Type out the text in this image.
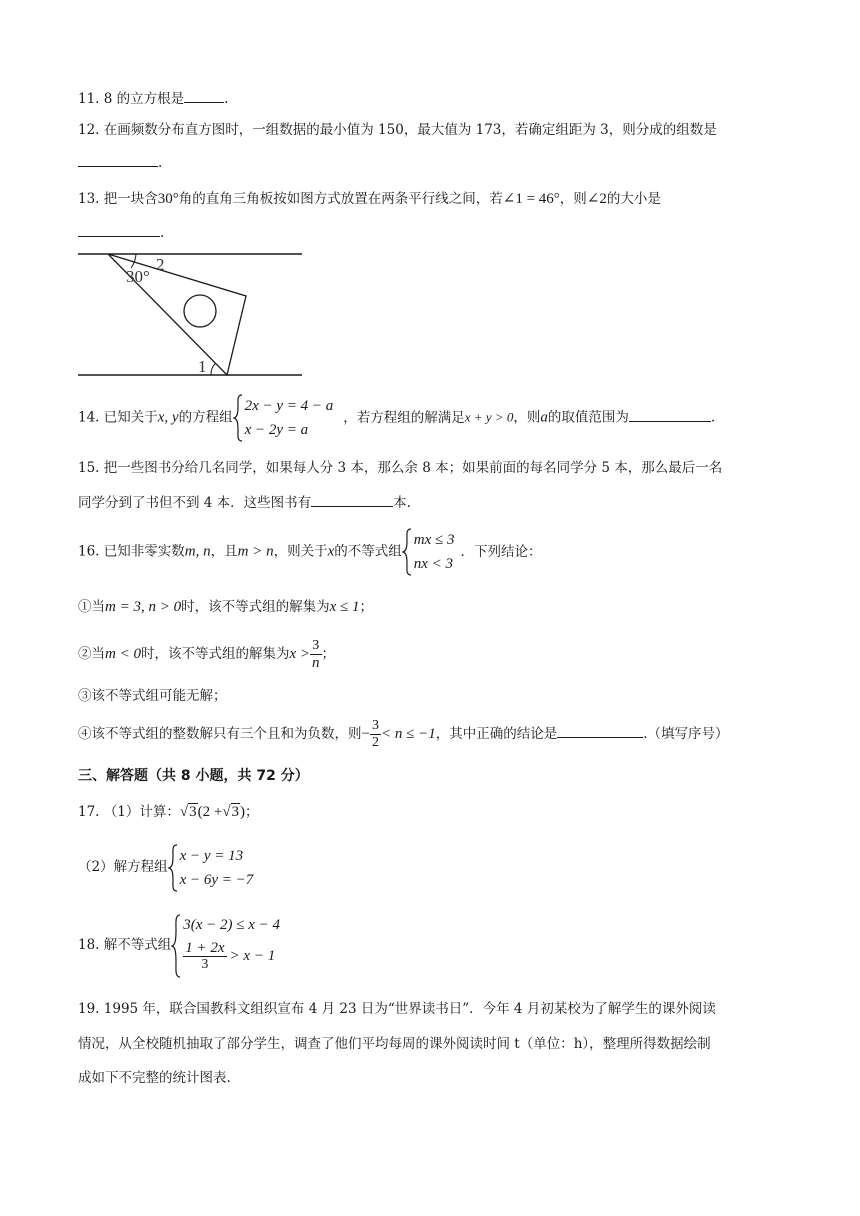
11. 8 的立方根是	.
12. 在画频数分布直方图时，一组数据的最小值为 150，最大值为 173，若确定组距为 3，则分成的组数是
.
13. 把一块含30°角的直角三角板按如图方式放置在两条平行线之间，若∠1 = 46°，则∠2的大小是
.
30°
2
1
14. 已知关于x, y的方程组
2x − y = 4 − a
x − 2y = a
，若方程组的解满足x + y > 0，则a的取值范围为	.
15. 把一些图书分给几名同学，如果每人分 3 本，那么余 8 本；如果前面的每名同学分 5 本，那么最后一名
同学分到了书但不到 4 本．这些图书有	本.
16. 已知非零实数m, n，且m > n，则关于x的不等式组
mx ≤ 3
nx < 3
．下列结论：
①当m = 3, n > 0时，该不等式组的解集为x ≤ 1；
②当m < 0时，该不等式组的解集为$x > \frac{3}{n}$ ；
③该不等式组可能无解；
④该不等式组的整数解只有三个且和为负数，则− $\frac{3}{2} < n \le -1$，其中正确的结论是	.（填写序号）
三、解答题（共 8 小题，共 72 分）
17. （1）计算：√3(2 +√3)；
（2）解方程组
x − y = 13
x − 6y = −7
18. 解不等式组
3(x − 2) ≤ x − 4
$\frac{1 + 2x}{3} > x - 1$
19. 1995 年，联合国教科文组织宣布 4 月 23 日为“世界读书日”．今年 4 月初某校为了解学生的课外阅读
情况，从全校随机抽取了部分学生，调查了他们平均每周的课外阅读时间 t（单位：h），整理所得数据绘制
成如下不完整的统计图表.
